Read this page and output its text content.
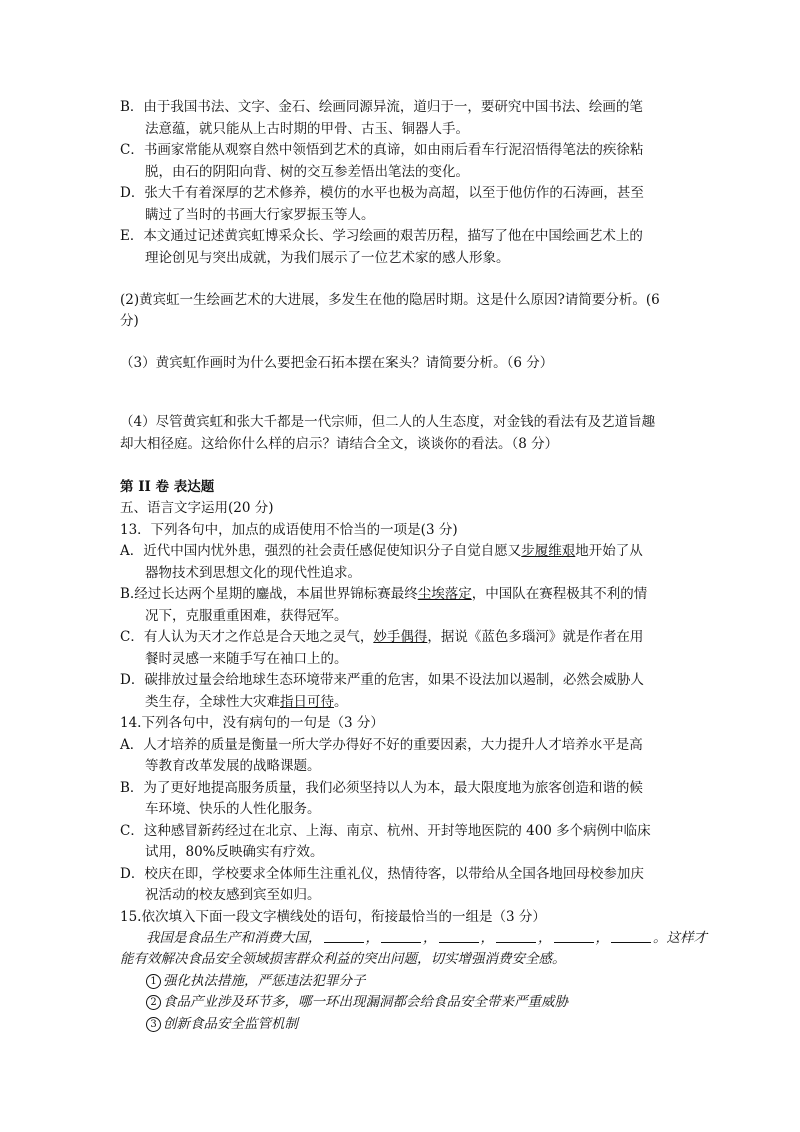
B．由于我国书法、文字、金石、绘画同源异流，道归于一，要研究中国书法、绘画的笔
法意蕴，就只能从上古时期的甲骨、古玉、铜器人手。
C．书画家常能从观察自然中领悟到艺术的真谛，如由雨后看车行泥沼悟得笔法的疾徐粘
脱，由石的阴阳向背、树的交互参差悟出笔法的变化。
D．张大千有着深厚的艺术修养，模仿的水平也极为高超，以至于他仿作的石涛画，甚至
瞒过了当时的书画大行家罗振玉等人。
E．本文通过记述黄宾虹博采众长、学习绘画的艰苦历程，描写了他在中国绘画艺术上的
理论创见与突出成就，为我们展示了一位艺术家的感人形象。
(2)黄宾虹一生绘画艺术的大进展，多发生在他的隐居时期。这是什么原因?请简要分析。(6
分)
（3）黄宾虹作画时为什么要把金石拓本摆在案头？请简要分析。（6 分）
（4）尽管黄宾虹和张大千都是一代宗师，但二人的人生态度，对金钱的看法有及艺道旨趣
却大相径庭。这给你什么样的启示？请结合全文，谈谈你的看法。（8 分）
第 II 卷 表达题
五、语言文字运用(20 分)
13．下列各句中，加点的成语使用不恰当的一项是(3 分)
A．近代中国内忧外患，强烈的社会责任感促使知识分子自觉自愿又步履维艰地开始了从
器物技术到思想文化的现代性追求。
B.经过长达两个星期的鏖战，本届世界锦标赛最终尘埃落定，中国队在赛程极其不利的情
况下，克服重重困难，获得冠军。
C．有人认为天才之作总是合天地之灵气，妙手偶得，据说《蓝色多瑙河》就是作者在用
餐时灵感一来随手写在袖口上的。
D．碳排放过量会给地球生态环境带来严重的危害，如果不设法加以遏制，必然会威胁人
类生存，全球性大灾难指日可待。
14.下列各句中，没有病句的一句是（3 分）
A．人才培养的质量是衡量一所大学办得好不好的重要因素，大力提升人才培养水平是高
等教育改革发展的战略课题。
B．为了更好地提高服务质量，我们必须坚持以人为本，最大限度地为旅客创造和谐的候
车环境、快乐的人性化服务。
C．这种感冒新药经过在北京、上海、南京、杭州、开封等地医院的 400 多个病例中临床
试用，80%反映确实有疗效。
D．校庆在即，学校要求全体师生注重礼仪，热情待客，以带给从全国各地回母校参加庆
祝活动的校友感到宾至如归。
15.依次填入下面一段文字横线处的语句，衔接最恰当的一组是（3 分）
我国是食品生产和消费大国，	，	，	，	，	，	。这样才
能有效解决食品安全领域损害群众利益的突出问题，切实增强消费安全感。
1 强化执法措施，严惩违法犯罪分子
2 食品产业涉及环节多，哪一环出现漏洞都会给食品安全带来严重威胁
3 创新食品安全监管机制
